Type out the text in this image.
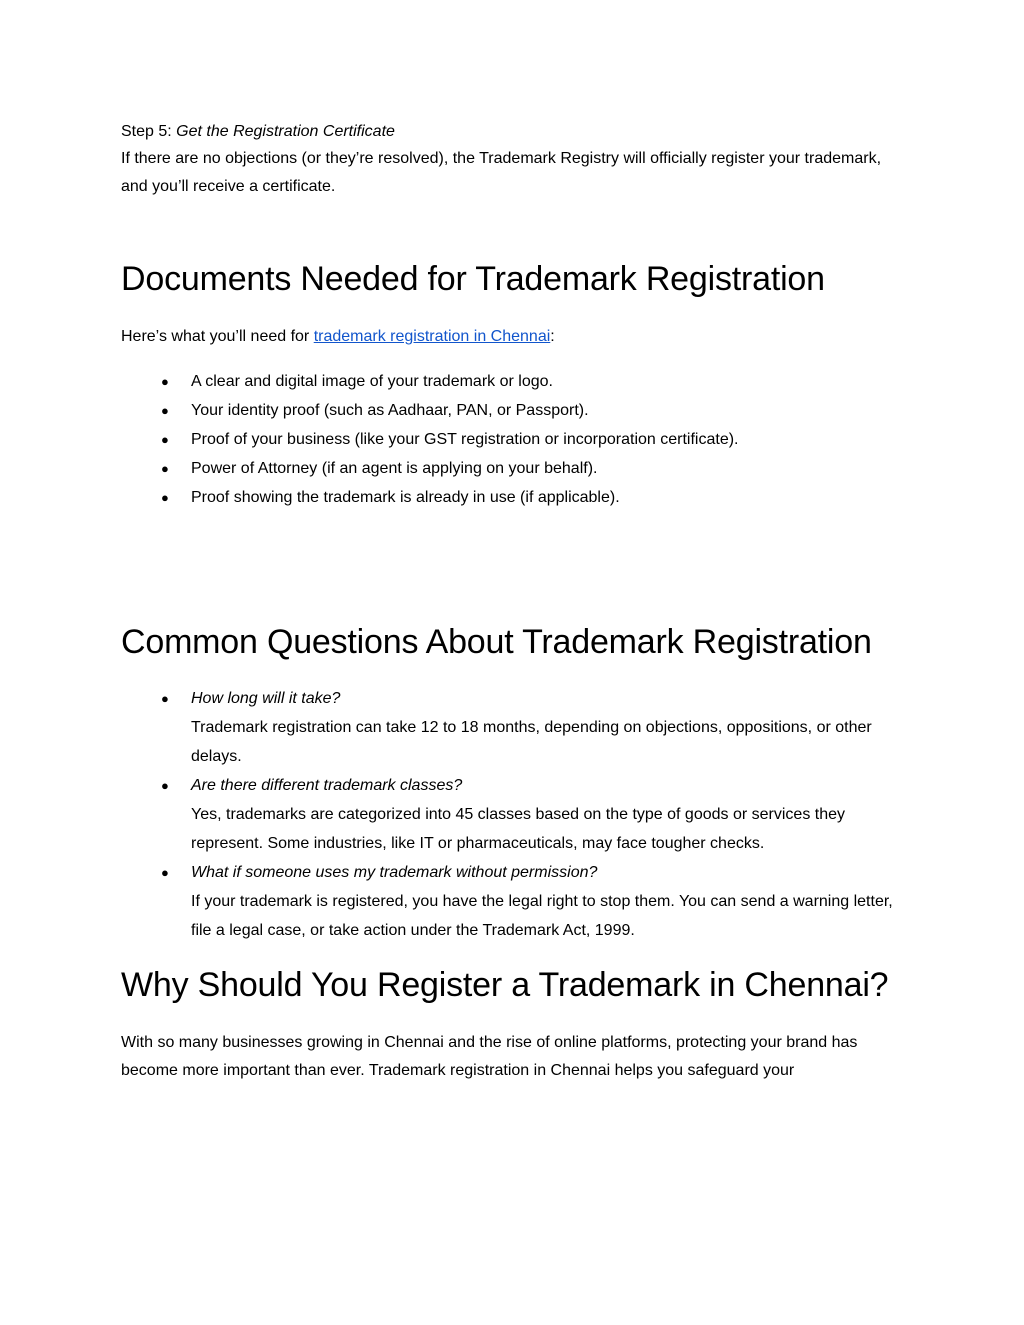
Step 5: Get the Registration Certificate

If there are no objections (or they’re resolved), the Trademark Registry will officially register your trademark, and you’ll receive a certificate.

Documents Needed for Trademark Registration

Here’s what you’ll need for trademark registration in Chennai:

● A clear and digital image of your trademark or logo.
● Your identity proof (such as Aadhaar, PAN, or Passport).
● Proof of your business (like your GST registration or incorporation certificate).
● Power of Attorney (if an agent is applying on your behalf).
● Proof showing the trademark is already in use (if applicable).
Common Questions About Trademark Registration
● How long will it take?
Trademark registration can take 12 to 18 months, depending on objections, oppositions, or other delays.
● Are there different trademark classes?
Yes, trademarks are categorized into 45 classes based on the type of goods or services they represent. Some industries, like IT or pharmaceuticals, may face tougher checks.
● What if someone uses my trademark without permission?
If your trademark is registered, you have the legal right to stop them. You can send a warning letter, file a legal case, or take action under the Trademark Act, 1999.
Why Should You Register a Trademark in Chennai?

With so many businesses growing in Chennai and the rise of online platforms, protecting your brand has become more important than ever. Trademark registration in Chennai helps you safeguard your
